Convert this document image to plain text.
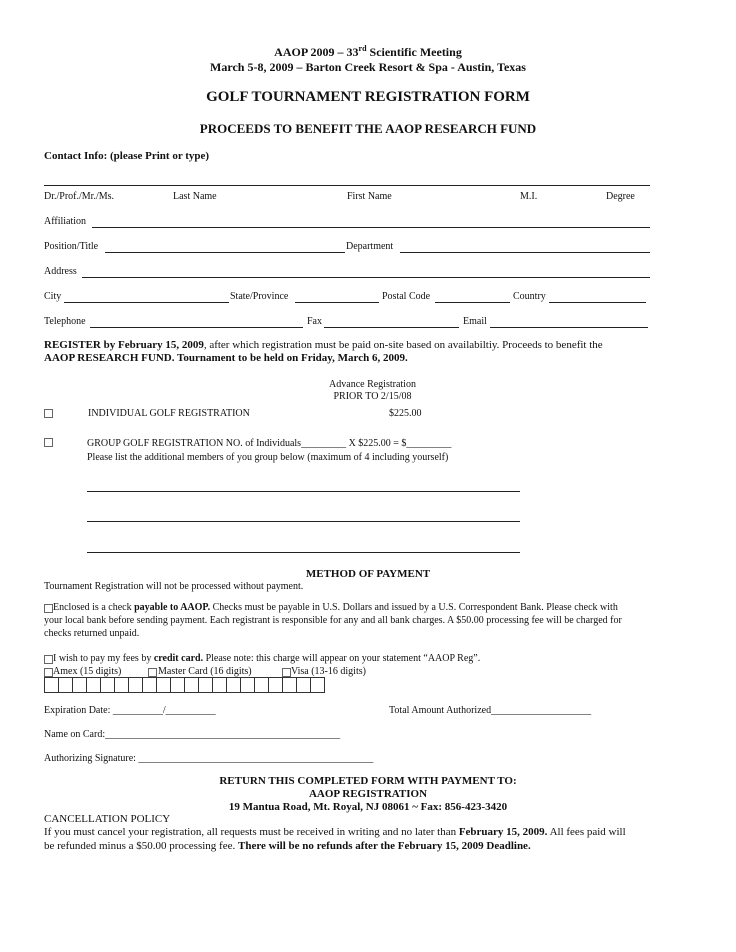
AAOP 2009 – 33rd Scientific Meeting
March 5-8, 2009 – Barton Creek Resort & Spa - Austin, Texas
GOLF TOURNAMENT REGISTRATION FORM
PROCEEDS TO BENEFIT THE AAOP RESEARCH FUND
Contact Info: (please Print or type)
Dr./Prof./Mr./Ms.	Last Name	First Name	M.I.	Degree
Affiliation
Position/Title	Department
Address
City	State/Province	Postal Code	Country
Telephone	Fax	Email
REGISTER by February 15, 2009, after which registration must be paid on-site based on availabiltiy. Proceeds to benefit the
AAOP RESEARCH FUND. Tournament to be held on Friday, March 6, 2009.
Advance Registration
PRIOR TO 2/15/08
INDIVIDUAL GOLF REGISTRATION	$225.00
GROUP GOLF REGISTRATION NO. of Individuals_________ X $225.00 = $_________
Please list the additional members of you group below (maximum of 4 including yourself)
METHOD OF PAYMENT
Tournament Registration will not be processed without payment.
Enclosed is a check payable to AAOP. Checks must be payable in U.S. Dollars and issued by a U.S. Correspondent Bank. Please check with
your local bank before sending payment. Each registrant is responsible for any and all bank charges. A $50.00 processing fee will be charged for
checks returned unpaid.
I wish to pay my fees by credit card. Please note: this charge will appear on your statement “AAOP Reg”.
Amex (15 digits)	Master Card (16 digits)	Visa (13-16 digits)
Expiration Date: __________/__________	Total Amount Authorized____________________
Name on Card:_______________________________________________
Authorizing Signature: _______________________________________________
RETURN THIS COMPLETED FORM WITH PAYMENT TO:
AAOP REGISTRATION
19 Mantua Road, Mt. Royal, NJ 08061 ~ Fax: 856-423-3420
CANCELLATION POLICY
If you must cancel your registration, all requests must be received in writing and no later than February 15, 2009. All fees paid will
be refunded minus a $50.00 processing fee. There will be no refunds after the February 15, 2009 Deadline.
